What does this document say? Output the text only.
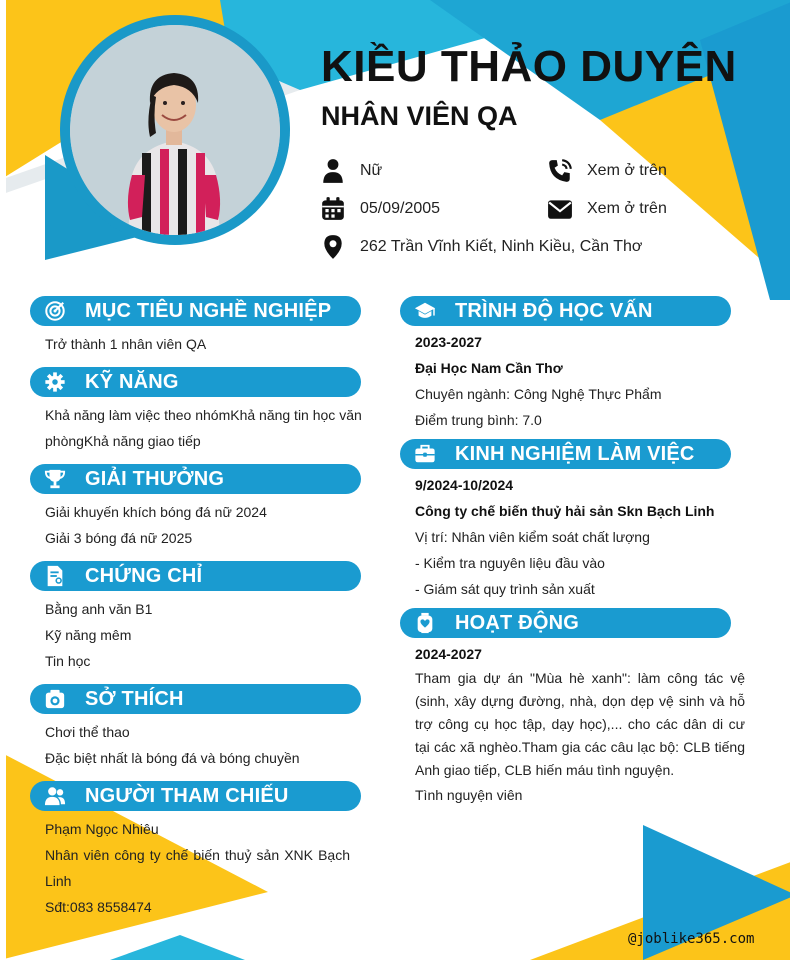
KIỀU THẢO DUYÊN
NHÂN VIÊN QA
Nữ	Xem ở trên
05/09/2005	Xem ở trên
262 Trần Vĩnh Kiết, Ninh Kiều, Cần Thơ
MỤC TIÊU NGHỀ NGHIỆP

Trở thành 1 nhân viên QA

KỸ NĂNG

Khả năng làm việc theo nhómKhả năng tin học văn phòngKhả năng giao tiếp

GIẢI THƯỞNG

Giải khuyến khích bóng đá nữ 2024

Giải 3 bóng đá nữ 2025

CHỨNG CHỈ

Bằng anh văn B1

Kỹ năng mêm

Tin học

SỞ THÍCH

Chơi thể thao

Đặc biệt nhất là bóng đá và bóng chuyền

NGƯỜI THAM CHIẾU

Phạm Ngọc Nhiêu

Nhân viên công ty chế biến thuỷ sản XNK Bạch Linh

Sđt:083 8558474

TRÌNH ĐỘ HỌC VẤN

2023-2027

Đại Học Nam Cần Thơ

Chuyên ngành: Công Nghệ Thực Phẩm

Điểm trung bình: 7.0

KINH NGHIỆM LÀM VIỆC

9/2024-10/2024

Công ty chế biến thuỷ hải sản Skn Bạch Linh

Vị trí: Nhân viên kiểm soát chất lượng

- Kiểm tra nguyên liệu đầu vào

- Giám sát quy trình sản xuất

HOẠT ĐỘNG

2024-2027

Tham gia dự án "Mùa hè xanh": làm công tác vệ (sinh, xây dựng đường, nhà, dọn dẹp vệ sinh và hỗ trợ công cụ học tập, dạy học),... cho các dân di cư tại các xã nghèo.Tham gia các câu lạc bộ: CLB tiếng Anh giao tiếp, CLB hiến máu tình nguyện.

Tình nguyện viên

@joblike365.com
